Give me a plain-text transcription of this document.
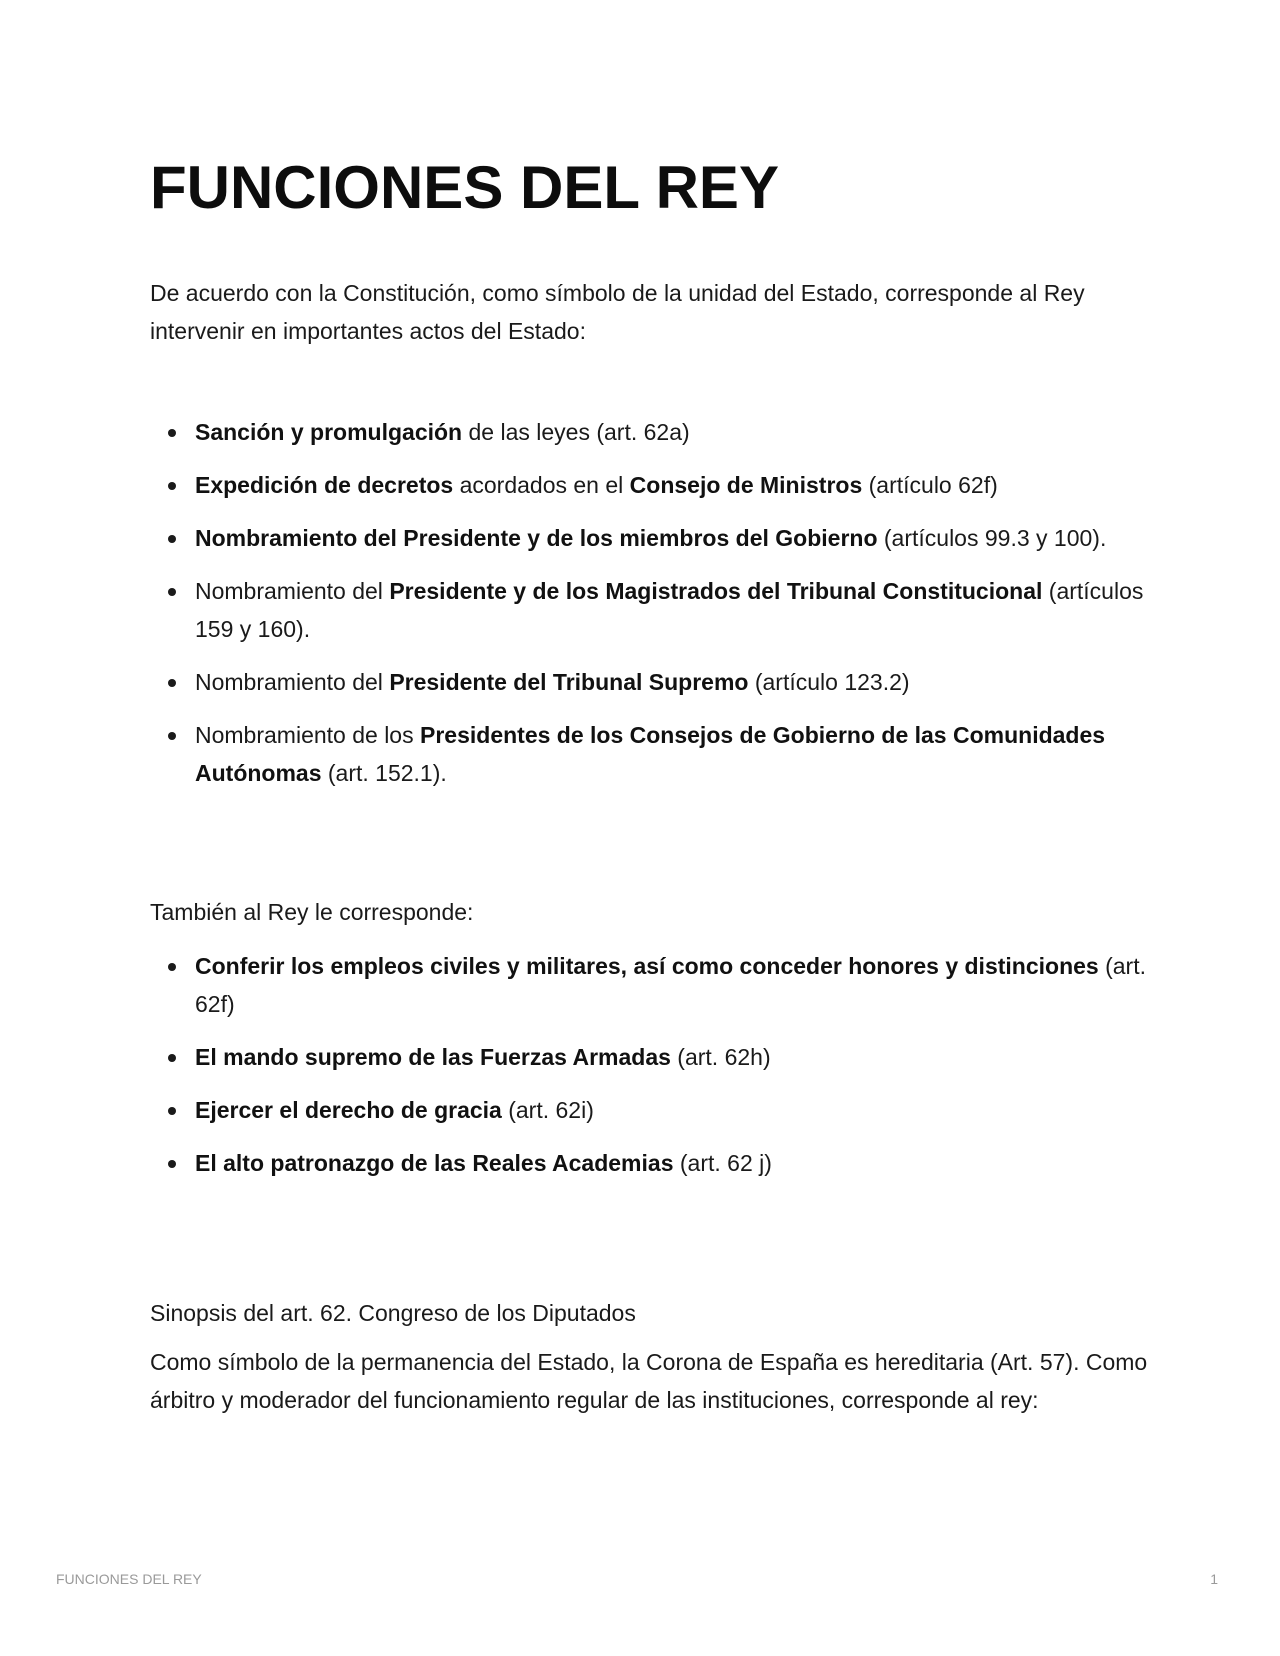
FUNCIONES DEL REY

De acuerdo con la Constitución, como símbolo de la unidad del Estado, corresponde al Rey intervenir en importantes actos del Estado:

Sanción y promulgación de las leyes (art. 62a)
Expedición de decretos acordados en el Consejo de Ministros (artículo 62f)
Nombramiento del Presidente y de los miembros del Gobierno (artículos 99.3 y 100).
Nombramiento del Presidente y de los Magistrados del Tribunal Constitucional (artículos 159 y 160).
Nombramiento del Presidente del Tribunal Supremo (artículo 123.2)
Nombramiento de los Presidentes de los Consejos de Gobierno de las Comunidades Autónomas (art. 152.1).

También al Rey le corresponde:

Conferir los empleos civiles y militares, así como conceder honores y distinciones (art. 62f)
El mando supremo de las Fuerzas Armadas (art. 62h)
Ejercer el derecho de gracia (art. 62i)
El alto patronazgo de las Reales Academias (art. 62 j)

Sinopsis del art. 62. Congreso de los Diputados

Como símbolo de la permanencia del Estado, la Corona de España es hereditaria (Art. 57). Como árbitro y moderador del funcionamiento regular de las instituciones, corresponde al rey:

FUNCIONES DEL REY	1
